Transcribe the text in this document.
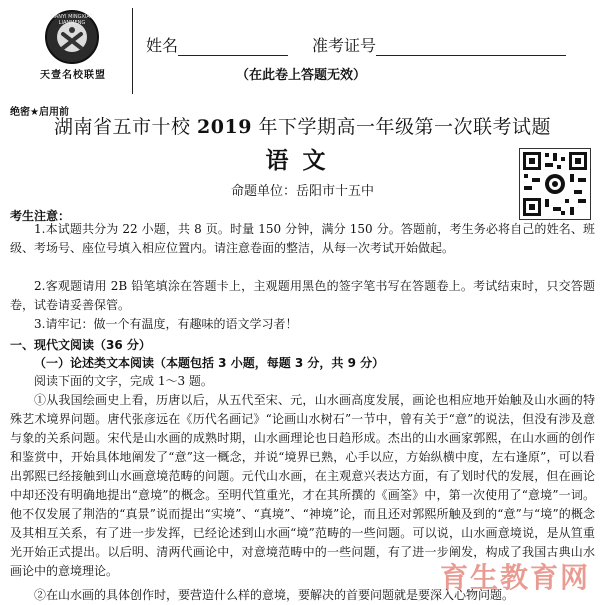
TIANYI MINGXIAO LIANMENG
天壹名校联盟
姓名	准考证号
（在此卷上答题无效）
绝密★启用前
湖南省五市十校 2019 年下学期高一年级第一次联考试题
语文
命题单位：岳阳市十五中
考生注意：
1.本试题共分为 22 小题，共 8 页。时量 150 分钟，满分 150 分。答题前，考生务必将自己的姓名、班级、考场号、座位号填入相应位置内。请注意卷面的整洁，从每一次考试开始做起。
2.客观题请用 2B 铅笔填涂在答题卡上，主观题用黑色的签字笔书写在答题卷上。考试结束时，只交答题卷，试卷请妥善保管。
3.请牢记：做一个有温度，有趣味的语文学习者！
一、现代文阅读（36 分）
（一）论述类文本阅读（本题包括 3 小题，每题 3 分，共 9 分）
阅读下面的文字，完成 1～3 题。
①从我国绘画史上看，历唐以后，从五代至宋、元，山水画高度发展，画论也相应地开始触及山水画的特殊艺术境界问题。唐代张彦远在《历代名画记》“论画山水树石”一节中，曾有关于“意”的说法，但没有涉及意与象的关系问题。宋代是山水画的成熟时期，山水画理论也日趋形成。杰出的山水画家郭熙，在山水画的创作和鉴赏中，开始具体地阐发了“意”这一概念，并说“境界已熟，心手以应，方始纵横中度，左右逢原”，可以看出郭熙已经接触到山水画意境范畴的问题。元代山水画，在主观意兴表达方面，有了划时代的发展，但在画论中却还没有明确地提出“意境”的概念。至明代笪重光，才在其所撰的《画筌》中，第一次使用了“意境”一词。他不仅发展了荆浩的“真景”说而提出“实境”、“真境”、“神境”论，而且还对郭熙所触及到的“意”与“境”的概念及其相互关系，有了进一步发挥，已经论述到山水画“境”范畴的一些问题。可以说，山水画意境说，是从笪重光开始正式提出。以后明、清两代画论中，对意境范畴中的一些问题，有了进一步阐发，构成了我国古典山水画论中的意境理论。
②在山水画的具体创作时，要营造什么样的意境，要解决的首要问题就是要深入心物问题。
育生教育网
